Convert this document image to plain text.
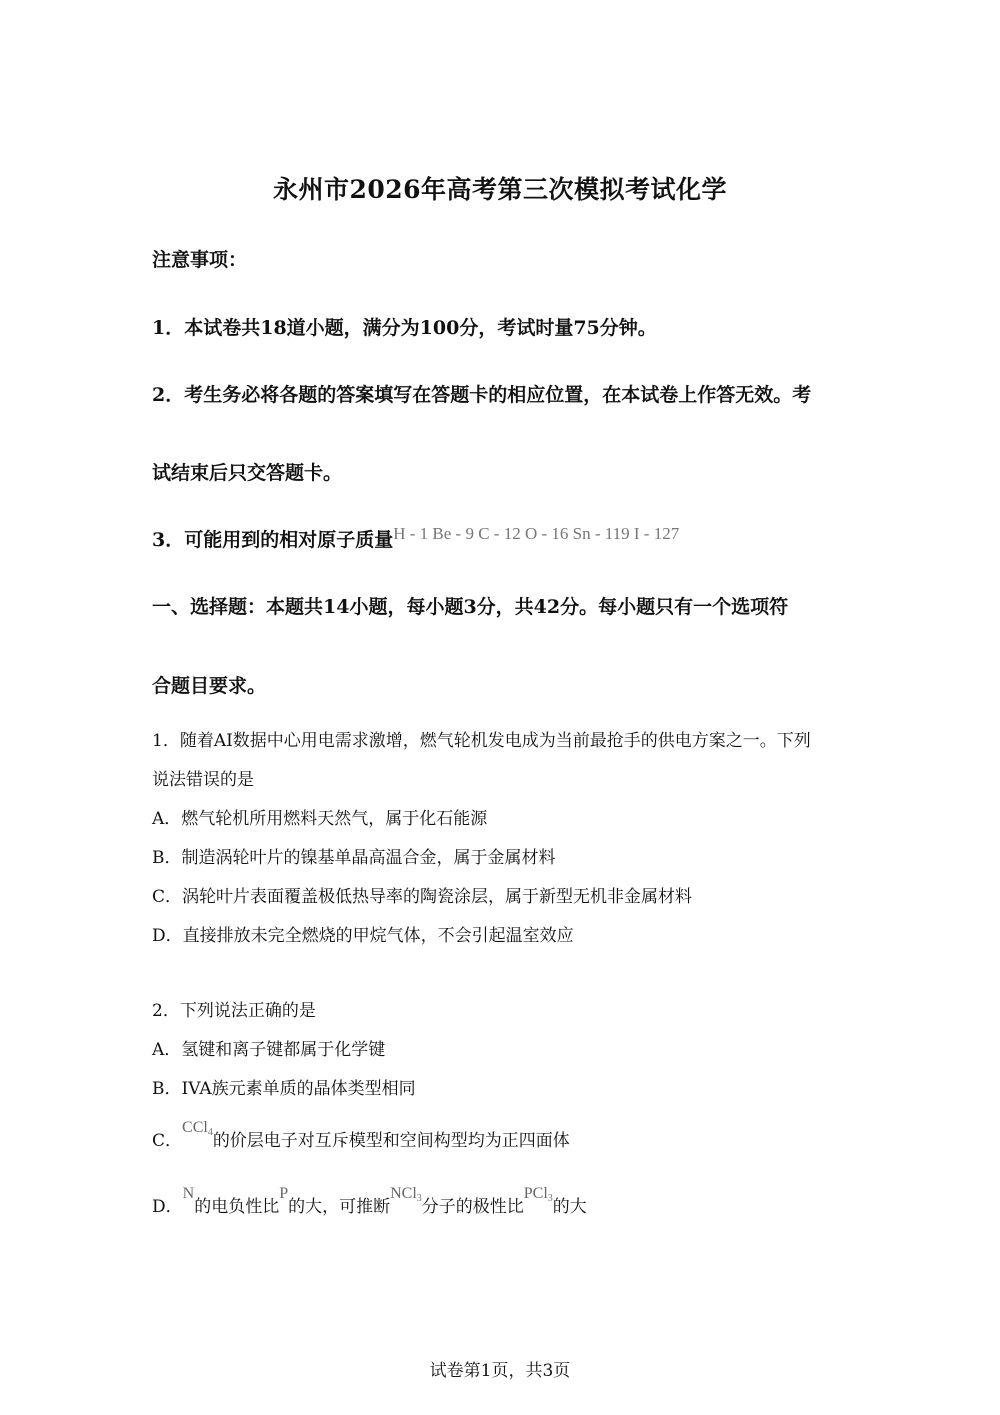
永州市2026年高考第三次模拟考试化学
注意事项：
1．本试卷共18道小题，满分为100分，考试时量75分钟。
2．考生务必将各题的答案填写在答题卡的相应位置，在本试卷上作答无效。考
试结束后只交答题卡。
3．可能用到的相对原子质量H - 1 Be - 9 C - 12 O - 16 Sn - 119 I - 127
一、选择题：本题共14小题，每小题3分，共42分。每小题只有一个选项符
合题目要求。
1．随着AI数据中心用电需求激增，燃气轮机发电成为当前最抢手的供电方案之一。下列
说法错误的是
A．燃气轮机所用燃料天然气，属于化石能源
B．制造涡轮叶片的镍基单晶高温合金，属于金属材料
C．涡轮叶片表面覆盖极低热导率的陶瓷涂层，属于新型无机非金属材料
D．直接排放未完全燃烧的甲烷气体，不会引起温室效应
2．下列说法正确的是
A．氢键和离子键都属于化学键
B．IVA族元素单质的晶体类型相同
C．CCl$_4$的价层电子对互斥模型和空间构型均为正四面体
D．N的电负性比P的大，可推断NCl$_3$分子的极性比PCl$_3$的大
试卷第1页，共3页
